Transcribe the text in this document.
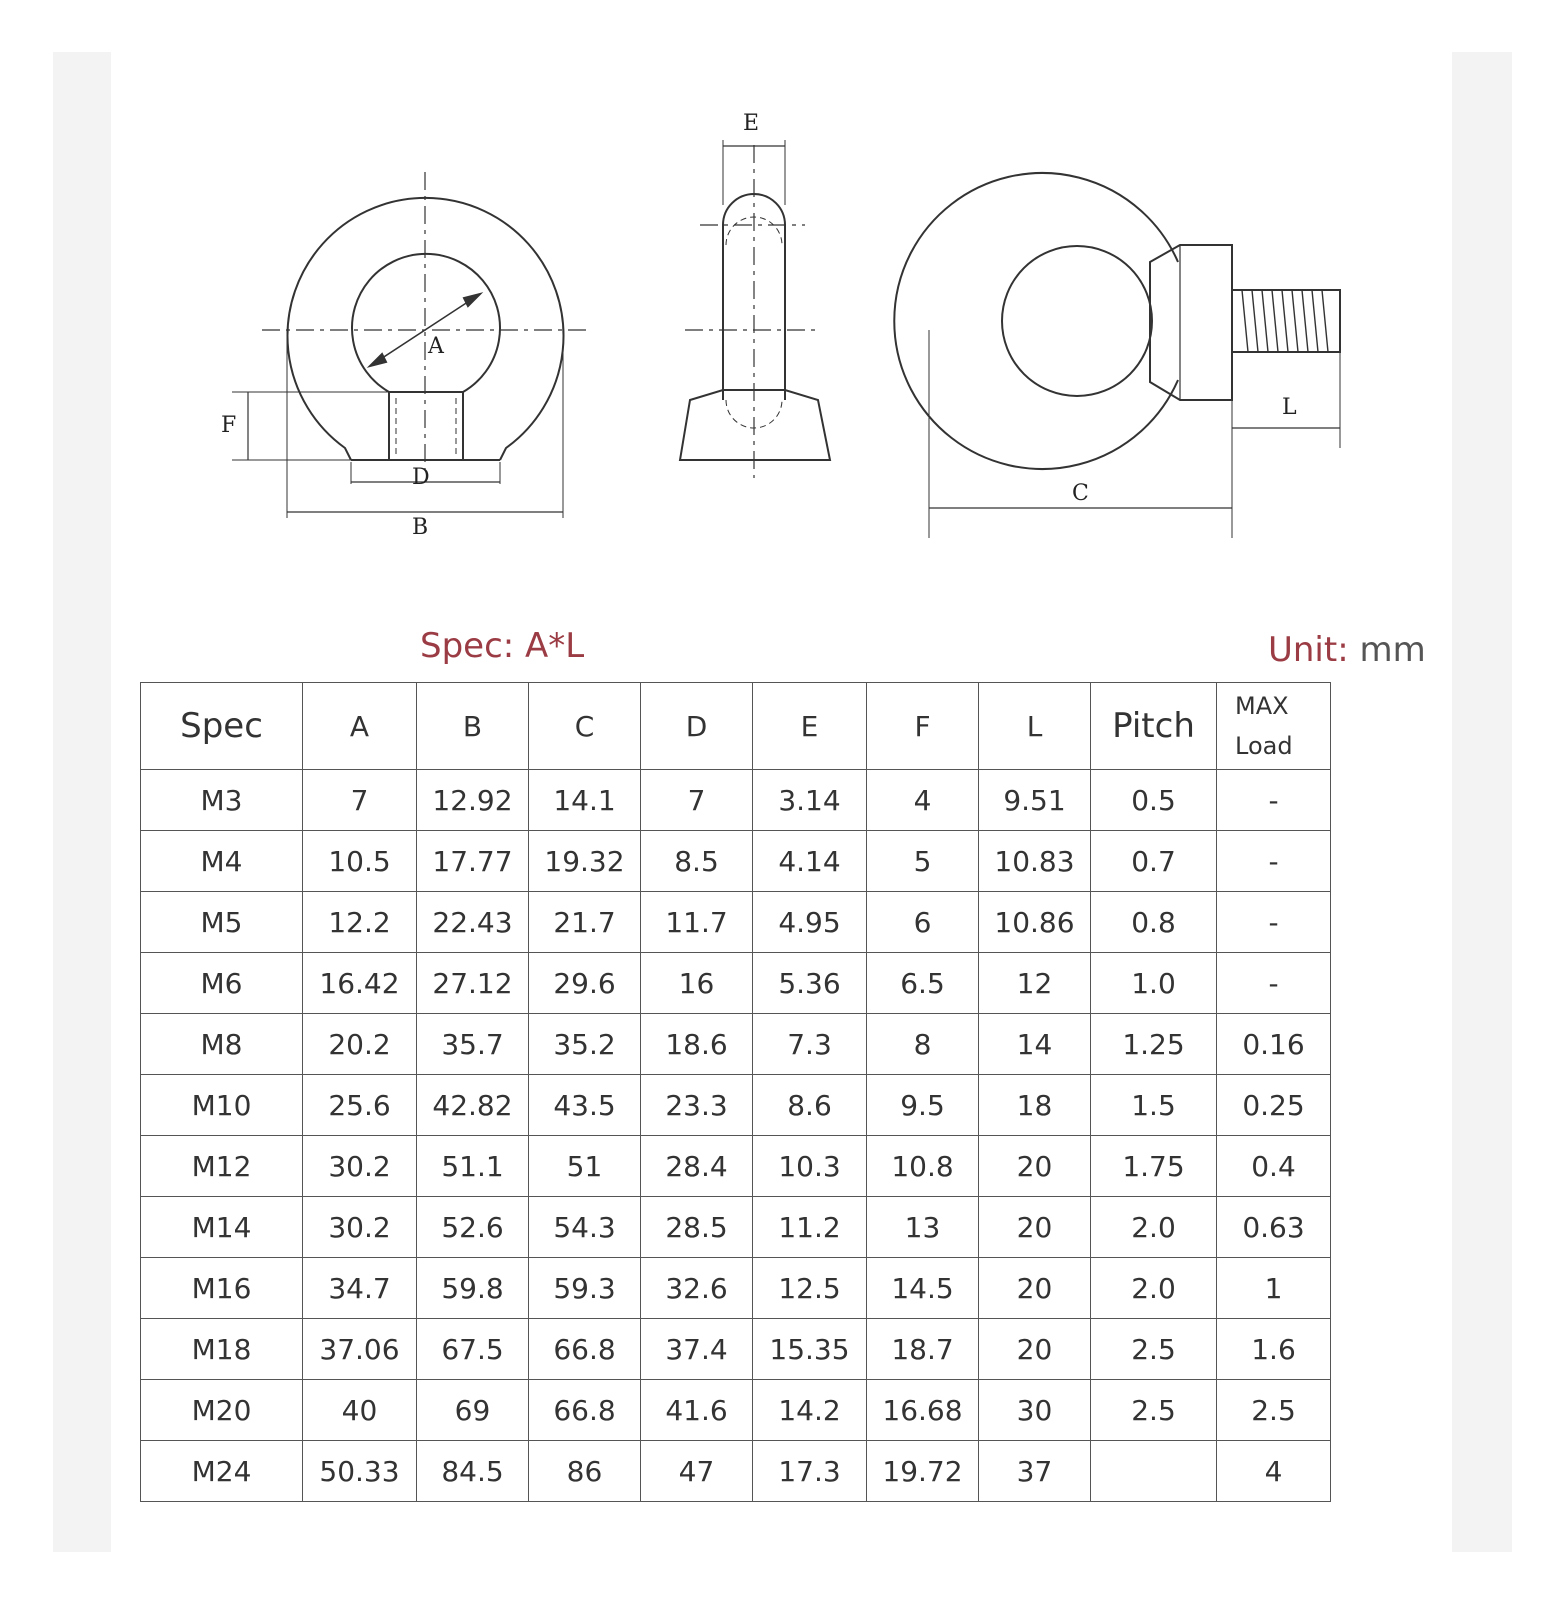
A
F
D
B
E
C
L
Spec: A*L	Unit: mm
Spec	A	B	C	D	E	F	L	Pitch	MAX
Load
M3	7	12.92	14.1	7	3.14	4	9.51	0.5	-
M4	10.5	17.77	19.32	8.5	4.14	5	10.83	0.7	-
M5	12.2	22.43	21.7	11.7	4.95	6	10.86	0.8	-
M6	16.42	27.12	29.6	16	5.36	6.5	12	1.0	-
M8	20.2	35.7	35.2	18.6	7.3	8	14	1.25	0.16
M10	25.6	42.82	43.5	23.3	8.6	9.5	18	1.5	0.25
M12	30.2	51.1	51	28.4	10.3	10.8	20	1.75	0.4
M14	30.2	52.6	54.3	28.5	11.2	13	20	2.0	0.63
M16	34.7	59.8	59.3	32.6	12.5	14.5	20	2.0	1
M18	37.06	67.5	66.8	37.4	15.35	18.7	20	2.5	1.6
M20	40	69	66.8	41.6	14.2	16.68	30	2.5	2.5
M24	50.33	84.5	86	47	17.3	19.72	37		4
